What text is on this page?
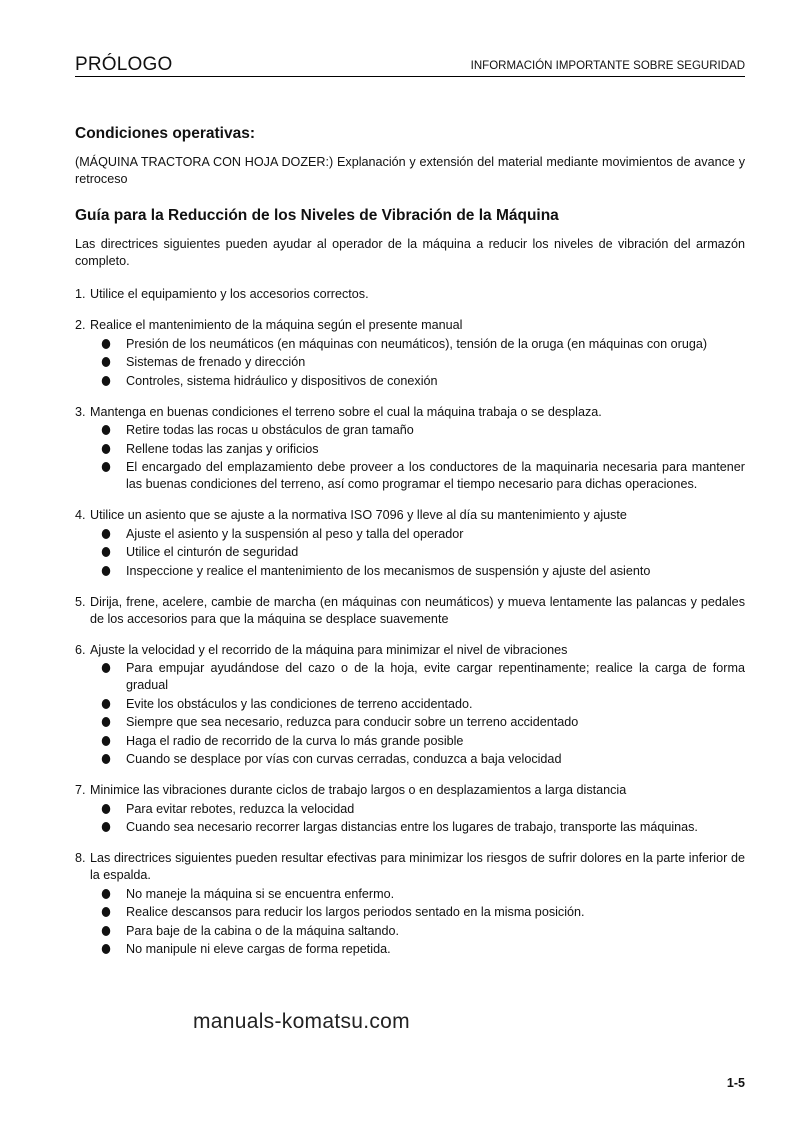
PRÓLOGO	INFORMACIÓN IMPORTANTE SOBRE SEGURIDAD
Condiciones operativas:

(MÁQUINA TRACTORA CON HOJA DOZER:) Explanación y extensión del material mediante movimientos de avance y retroceso

Guía para la Reducción de los Niveles de Vibración de la Máquina

Las directrices siguientes pueden ayudar al operador de la máquina a reducir los niveles de vibración del armazón completo.

1. Utilice el equipamiento y los accesorios correctos.
2. Realice el mantenimiento de la máquina según el presente manual
Presión de los neumáticos (en máquinas con neumáticos), tensión de la oruga (en máquinas con oruga)
Sistemas de frenado y dirección
Controles, sistema hidráulico y dispositivos de conexión
3. Mantenga en buenas condiciones el terreno sobre el cual la máquina trabaja o se desplaza.
Retire todas las rocas u obstáculos de gran tamaño
Rellene todas las zanjas y orificios
El encargado del emplazamiento debe proveer a los conductores de la maquinaria necesaria para mantener las buenas condiciones del terreno, así como programar el tiempo necesario para dichas operaciones.
4. Utilice un asiento que se ajuste a la normativa ISO 7096 y lleve al día su mantenimiento y ajuste
Ajuste el asiento y la suspensión al peso y talla del operador
Utilice el cinturón de seguridad
Inspeccione y realice el mantenimiento de los mecanismos de suspensión y ajuste del asiento
5. Dirija, frene, acelere, cambie de marcha (en máquinas con neumáticos) y mueva lentamente las palancas y pedales de los accesorios para que la máquina se desplace suavemente
6. Ajuste la velocidad y el recorrido de la máquina para minimizar el nivel de vibraciones
Para empujar ayudándose del cazo o de la hoja, evite cargar repentinamente; realice la carga de forma gradual
Evite los obstáculos y las condiciones de terreno accidentado.
Siempre que sea necesario, reduzca para conducir sobre un terreno accidentado
Haga el radio de recorrido de la curva lo más grande posible
Cuando se desplace por vías con curvas cerradas, conduzca a baja velocidad
7. Minimice las vibraciones durante ciclos de trabajo largos o en desplazamientos a larga distancia
Para evitar rebotes, reduzca la velocidad
Cuando sea necesario recorrer largas distancias entre los lugares de trabajo, transporte las máquinas.
8. Las directrices siguientes pueden resultar efectivas para minimizar los riesgos de sufrir dolores en la parte inferior de la espalda.
No maneje la máquina si se encuentra enfermo.
Realice descansos para reducir los largos periodos sentado en la misma posición.
Para baje de la cabina o de la máquina saltando.
No manipule ni eleve cargas de forma repetida.
manuals-komatsu.com
1-5
